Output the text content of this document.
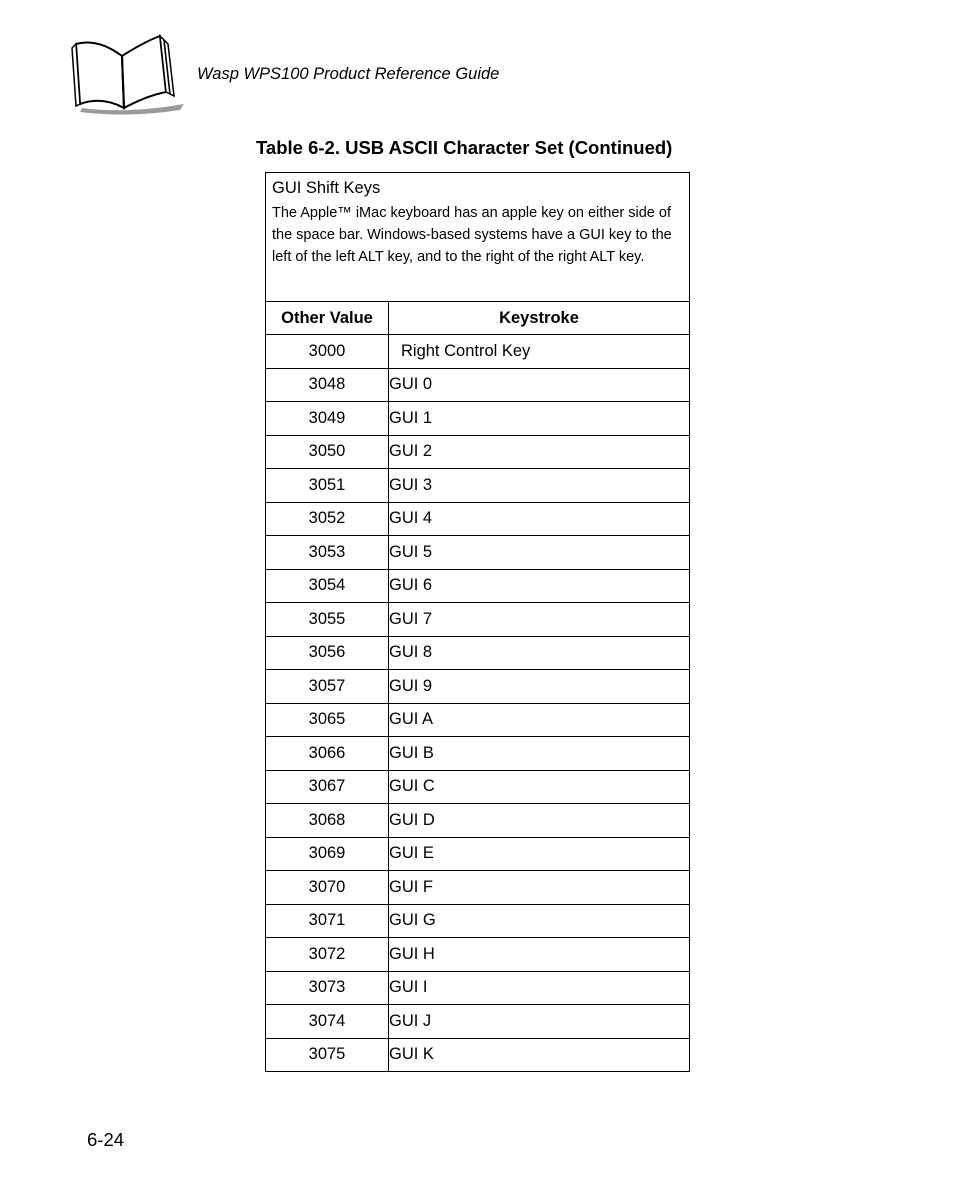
Wasp WPS100 Product Reference Guide
Table 6-2. USB ASCII Character Set (Continued)
GUI Shift Keys
The Apple™ iMac keyboard has an apple key on either side of the space bar. Windows-based systems have a GUI key to the left of the left ALT key, and to the right of the right ALT key.	

Other Value	Keystroke
3000	Right Control Key
3048	GUI 0
3049	GUI 1
3050	GUI 2
3051	GUI 3
3052	GUI 4
3053	GUI 5
3054	GUI 6
3055	GUI 7
3056	GUI 8
3057	GUI 9
3065	GUI A
3066	GUI B
3067	GUI C
3068	GUI D
3069	GUI E
3070	GUI F
3071	GUI G
3072	GUI H
3073	GUI I
3074	GUI J
3075	GUI K
6-24
